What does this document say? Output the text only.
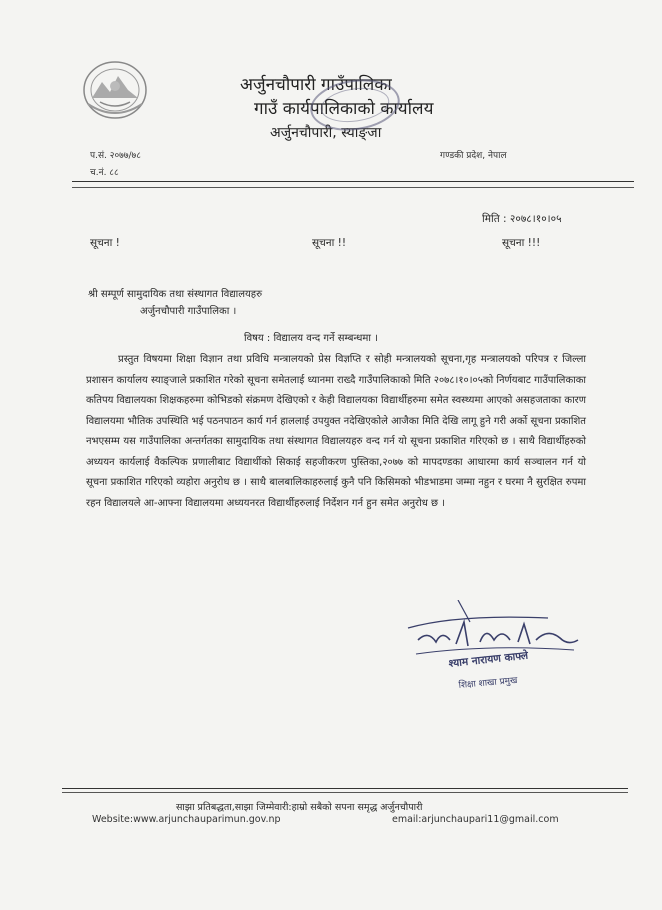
अर्जुनचौपारी गाउँपालिका
गाउँ कार्यपालिकाको कार्यालय
अर्जुनचौपारी, स्याङ्जा
प.सं. २०७७/७८
च.नं. ८८
गण्डकी प्रदेश, नेपाल
मिति : २०७८।१०।०५
सूचना !	सूचना !!	सूचना !!!
श्री सम्पूर्ण सामुदायिक तथा संस्थागत विद्यालयहरु
अर्जुनचौपारी गाउँपालिका ।
विषय : विद्यालय वन्द गर्ने सम्बन्धमा ।
प्रस्तुत विषयमा शिक्षा विज्ञान तथा प्रविधि मन्त्रालयको प्रेस विज्ञप्ति र सोही मन्त्रालयको सूचना,गृह मन्त्रालयको परिपत्र र जिल्ला प्रशासन कार्यालय स्याङ्जाले प्रकाशित गरेको सूचना समेतलाई ध्यानमा राख्दै गाउँपालिकाको मिति २०७८।१०।०५को निर्णयबाट गाउँपालिकाका कतिपय विद्यालयका शिक्षकहरुमा कोभिडको संक्रमण देखिएको र केही विद्यालयका विद्यार्थीहरुमा समेत स्वस्थ्यमा आएको असहजताका कारण विद्यालयमा भौतिक उपस्थिति भई पठनपाठन कार्य गर्न हाललाई उपयुक्त नदेखिएकोले आजैका मिति देखि लागू हुने गरी अर्को सूचना प्रकाशित नभएसम्म यस गाउँपालिका अन्तर्गतका सामुदायिक तथा संस्थागत विद्यालयहरु वन्द गर्न यो सूचना प्रकाशित गरिएको छ । साथै विद्यार्थीहरुको अध्ययन कार्यलाई वैकल्पिक प्रणालीबाट विद्यार्थीको सिकाई सहजीकरण पुस्तिका,२०७७ को मापदण्डका आधारमा कार्य सञ्चालन गर्न यो सूचना प्रकाशित गरिएको व्यहोरा अनुरोध छ । साथै बालबालिकाहरुलाई कुनै पनि किसिमको भीडभाडमा जम्मा नहुन र घरमा नै सुरक्षित रुपमा रहन विद्यालयले आ-आफ्ना विद्यालयमा अध्ययनरत विद्यार्थीहरुलाई निर्देशन गर्न हुन समेत अनुरोध छ ।
श्याम नारायण काफ्ले
शिक्षा शाखा प्रमुख
साझा प्रतिबद्धता,साझा जिम्मेवारी:हाम्रो सबैको सपना समृद्ध अर्जुनचौपारी
Website:www.arjunchauparimun.gov.np	email:arjunchaupari11@gmail.com
